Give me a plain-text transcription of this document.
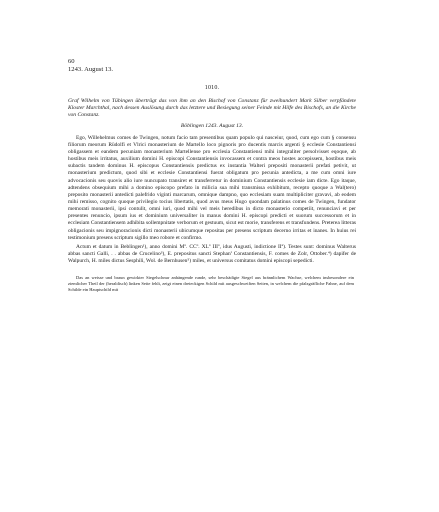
60
1243. August 13.
1010.
Graf Wilhelm von Tübingen überträgt das von ihm an den Bischof von Constanz für zweihundert Mark Silber verpfändete Kloster Marchthal, nach dessen Auslösung durch das letztere und Besiegung seiner Feinde mit Hilfe des Bischofs, an die Kirche von Constanz.
Böblingen 1243. August 13.

Ego, Willehelmus comes de Twingen, notum facio tam presentibus quam populo qui nasceiur, quod, cum ego cum § consensu filiorum meorum Rüdolfi et Vlrici monasterium de Martello loco pignoris pro ducentis marcis argenti § ecclesie Constantiensi obligassem et eandem pecuniam monasterium Martellense pro ecclesia Constantiensi mihi integraliter persolvisset eqoque, ab hostibus meis irritatus, auxilium domini H. episcopi Constantiensis invocassem et contra meos hostes accepissem, hostibus meis subactis tandem dominus H. episcopus Constantiensis predictus ex instantia Walteri prepositi monasterii prefati petivit, ut monasterium predictum, quod sibi et ecclesie Constantiensi fuerat obligatum pro pecunia antedicta, a me cum omni iure advocacionis seu quovis alio iure nuncupato transiret et transferretur in dominium Constantiensis ecclesie iam dicte. Ego itaque, adtendens obsequium mihi a domino episcopo prefato in milicia sua mihi transmissa exhibitum, recepto quoque a Wal(tero) preposito monasterii antedicti palefrido viginti marcarum, omnique dampno, quo ecclesiam suam multipliciter gravavi, ab eodem mihi remisso, cognito quoque privilegio tocius libertatis, quod avus meus Hugo quondam palatinus comes de Twingen, fundator memorati monasterii, ipsi contulit, omni iuri, quod mihi vel meis heredibus in dicto monasterio competiit, renunciavi et per presentes renuncio, ipsum ius et dominium universaliter in manus domini H. episcopi predicti et suorum successorum et in ecclesiam Constantiensem adhibita sollempnitate verborum et gestuum, sicut est morie, transferens et transfundens. Preterea litteras obligacionis seu impignoracionis dicti monasterii ubicumque repositas per presens scriptum decerno irritas et inanes. In huius rei testimonium presens scriptum sigillo meo robore et confirmo.

Actum et datum in Beblingen¹), anno domini Mº. CCº. XLº IIIº, idus Augusti, indictione IIª). Testes sunt: dominus Walterus abbas sancti Galli, . . abbas de Crucelino³), E. prepositus sancti Stephanⁱ Constantiensis, F. comes de Zolr, Ottober.⁴) dapifer de Walpurch, H. miles dictus Sesphili, Wol. de Bernhusen⁵) miles, et universus comitatus domini episcopi sepedicti.

Das an weisse und braun gewirkter Siegelschnur anhängende runde, sehr beschädigte Siegel aus brännlichem Wachse, welchem insbesondere ein ziemlicher Theil der (heraldisch) linken Seite fehlt, zeigt einen dreieckigen Schild mit ausgeschweiften Seiten, in welchem die pfalzgräfliche Fahne, auf dem Schilde ein Hauptschild mit
